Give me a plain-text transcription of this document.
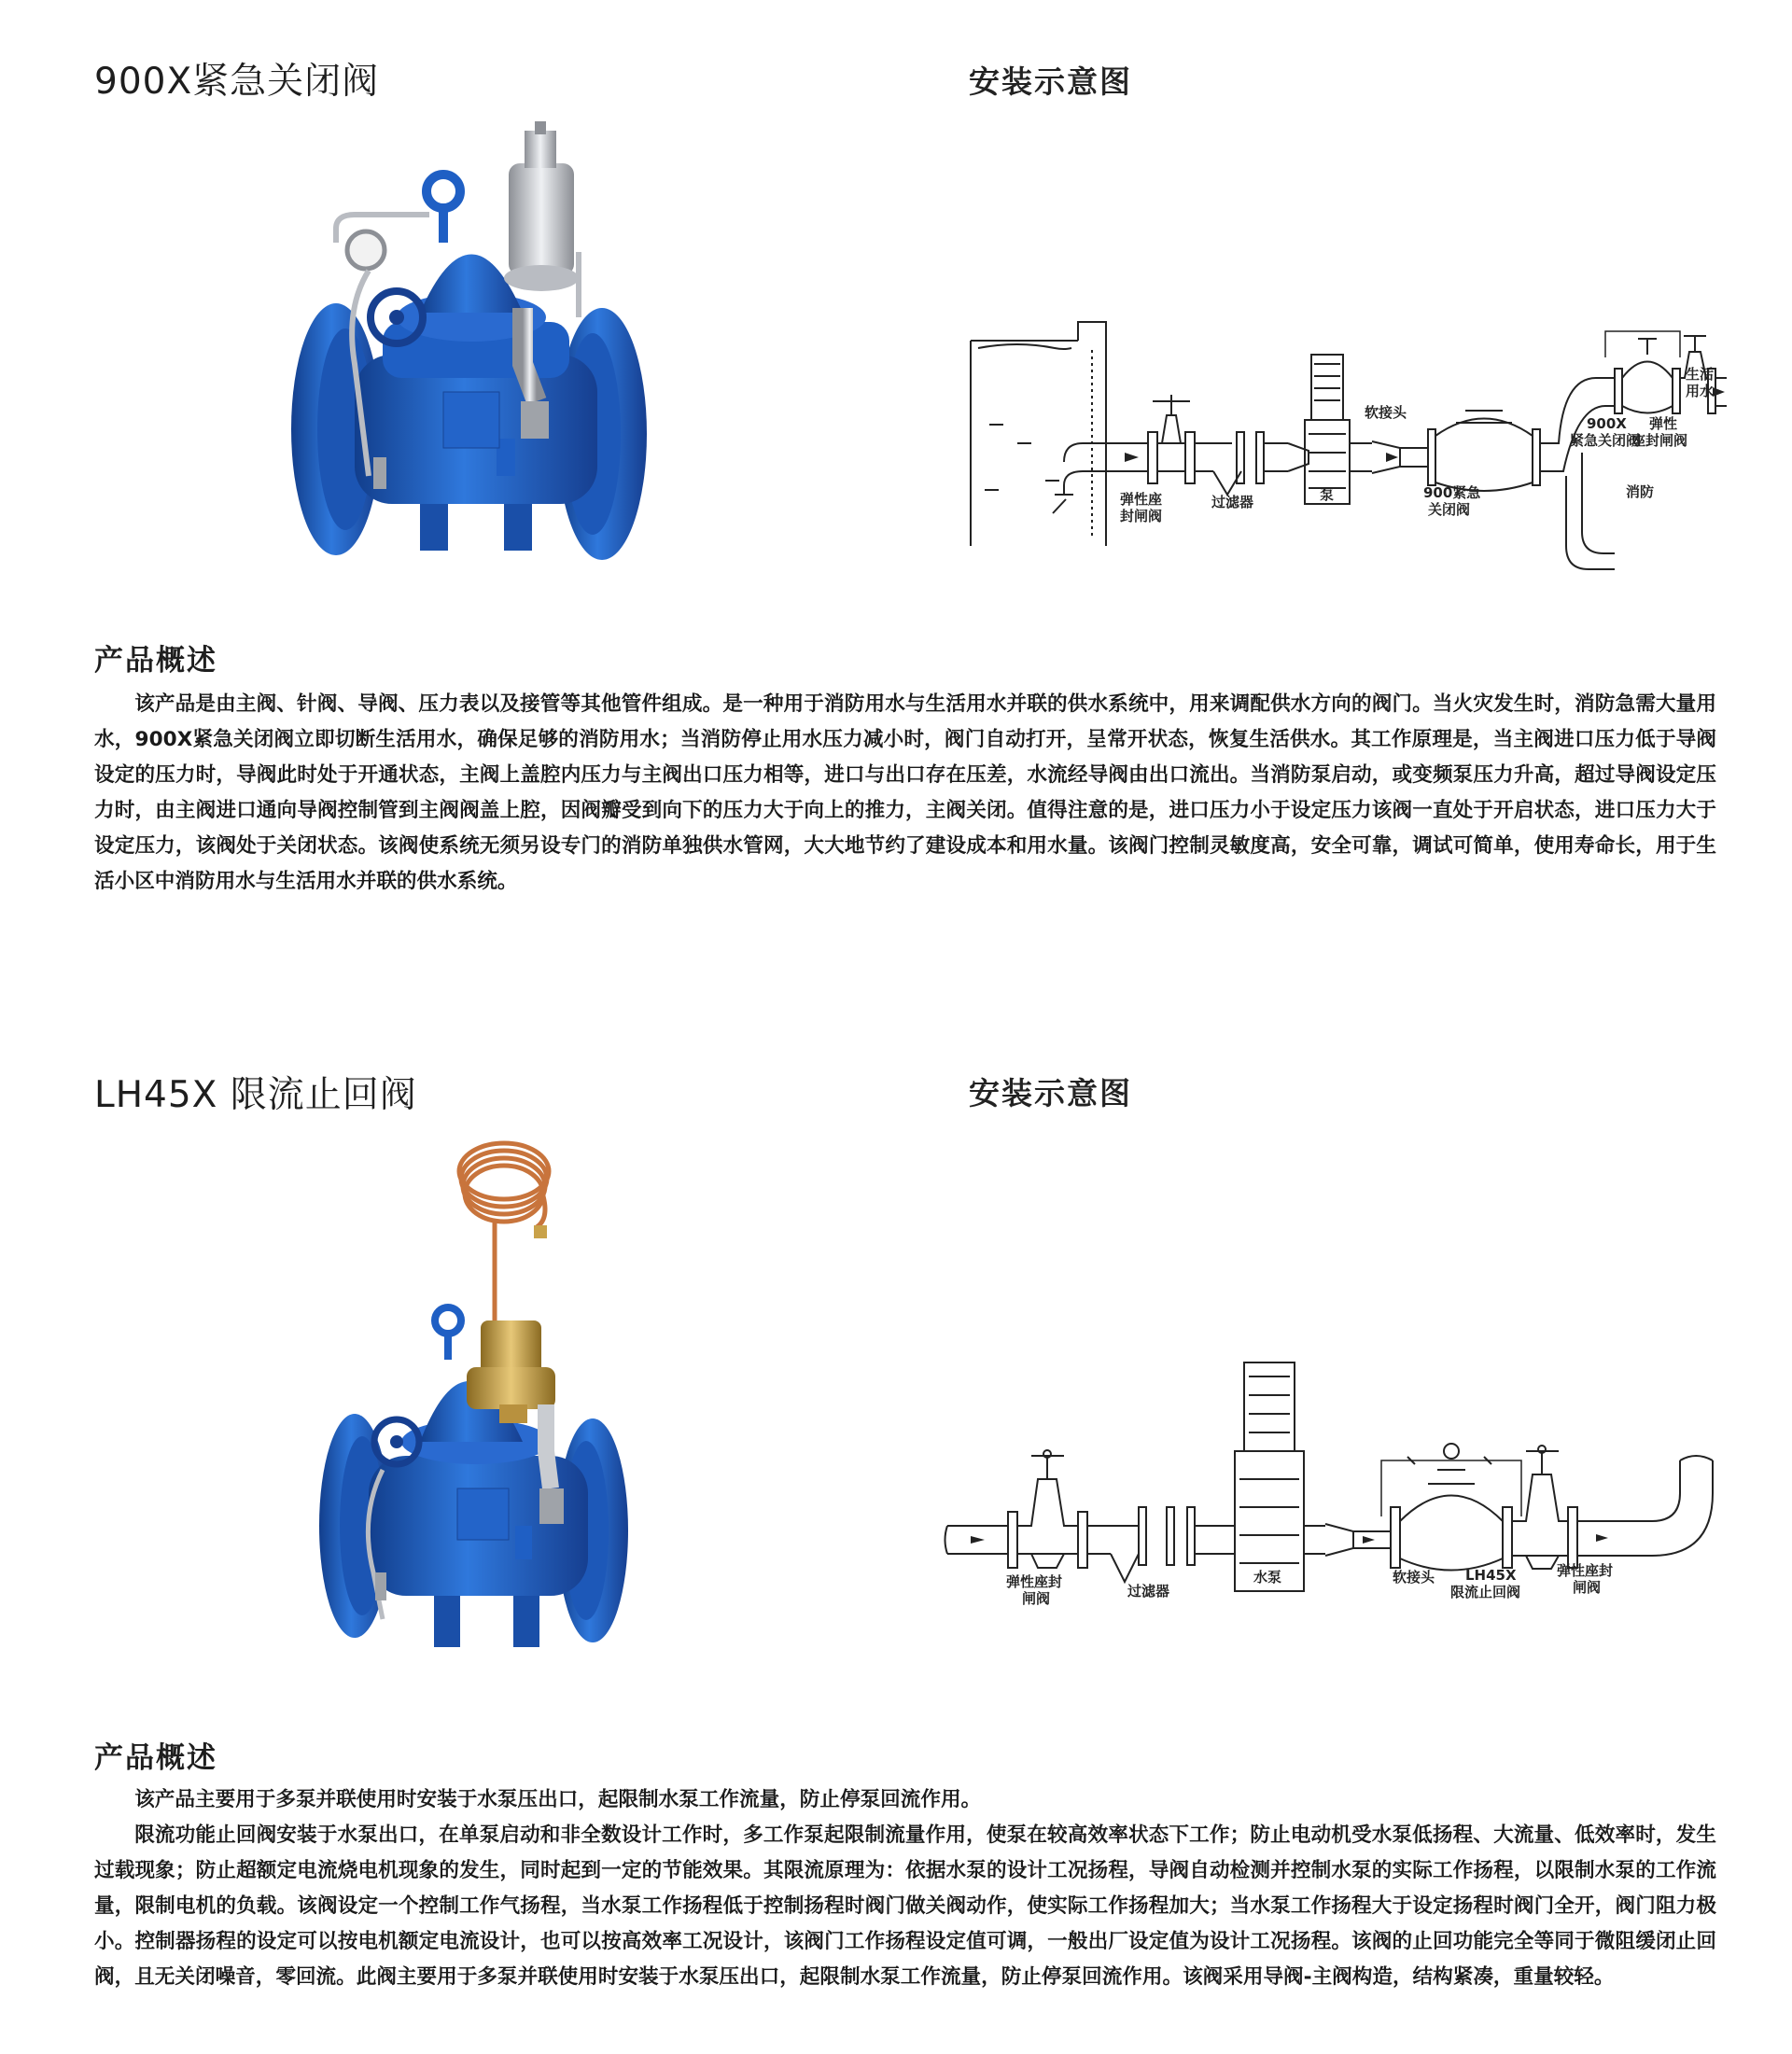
900X紧急关闭阀	安装示意图
弹性座
封闸阀
过滤器	泵
软接头
900紧急
关闭阀
900X
紧急关闭阀
弹性
座封闸阀
生活
用水
消防
产品概述

该产品是由主阀、针阀、导阀、压力表以及接管等其他管件组成。是一种用于消防用水与生活用水并联的供水系统中，用来调配供水方向的阀门。当火灾发生时，消防急需大量用水，900X紧急关闭阀立即切断生活用水，确保足够的消防用水；当消防停止用水压力减小时，阀门自动打开，呈常开状态，恢复生活供水。其工作原理是，当主阀进口压力低于导阀设定的压力时，导阀此时处于开通状态，主阀上盖腔内压力与主阀出口压力相等，进口与出口存在压差，水流经导阀由出口流出。当消防泵启动，或变频泵压力升高，超过导阀设定压力时，由主阀进口通向导阀控制管到主阀阀盖上腔，因阀瓣受到向下的压力大于向上的推力，主阀关闭。值得注意的是，进口压力小于设定压力该阀一直处于开启状态，进口压力大于设定压力，该阀处于关闭状态。该阀使系统无须另设专门的消防单独供水管网，大大地节约了建设成本和用水量。该阀门控制灵敏度高，安全可靠，调试可简单，使用寿命长，用于生活小区中消防用水与生活用水并联的供水系统。

LH45X 限流止回阀	安装示意图
弹性座封
闸阀	过滤器
水泵	软接头 LH45X
限流止回阀
弹性座封
闸阀
产品概述

该产品主要用于多泵并联使用时安装于水泵压出口，起限制水泵工作流量，防止停泵回流作用。

限流功能止回阀安装于水泵出口，在单泵启动和非全数设计工作时，多工作泵起限制流量作用，使泵在较高效率状态下工作；防止电动机受水泵低扬程、大流量、低效率时，发生过载现象；防止超额定电流烧电机现象的发生，同时起到一定的节能效果。其限流原理为：依据水泵的设计工况扬程，导阀自动检测并控制水泵的实际工作扬程，以限制水泵的工作流量，限制电机的负载。该阀设定一个控制工作气扬程，当水泵工作扬程低于控制扬程时阀门做关阀动作，使实际工作扬程加大；当水泵工作扬程大于设定扬程时阀门全开，阀门阻力极小。控制器扬程的设定可以按电机额定电流设计，也可以按高效率工况设计，该阀门工作扬程设定值可调，一般出厂设定值为设计工况扬程。该阀的止回功能完全等同于微阻缓闭止回阀，且无关闭噪音，零回流。此阀主要用于多泵并联使用时安装于水泵压出口，起限制水泵工作流量，防止停泵回流作用。该阀采用导阀-主阀构造，结构紧凑，重量较轻。
